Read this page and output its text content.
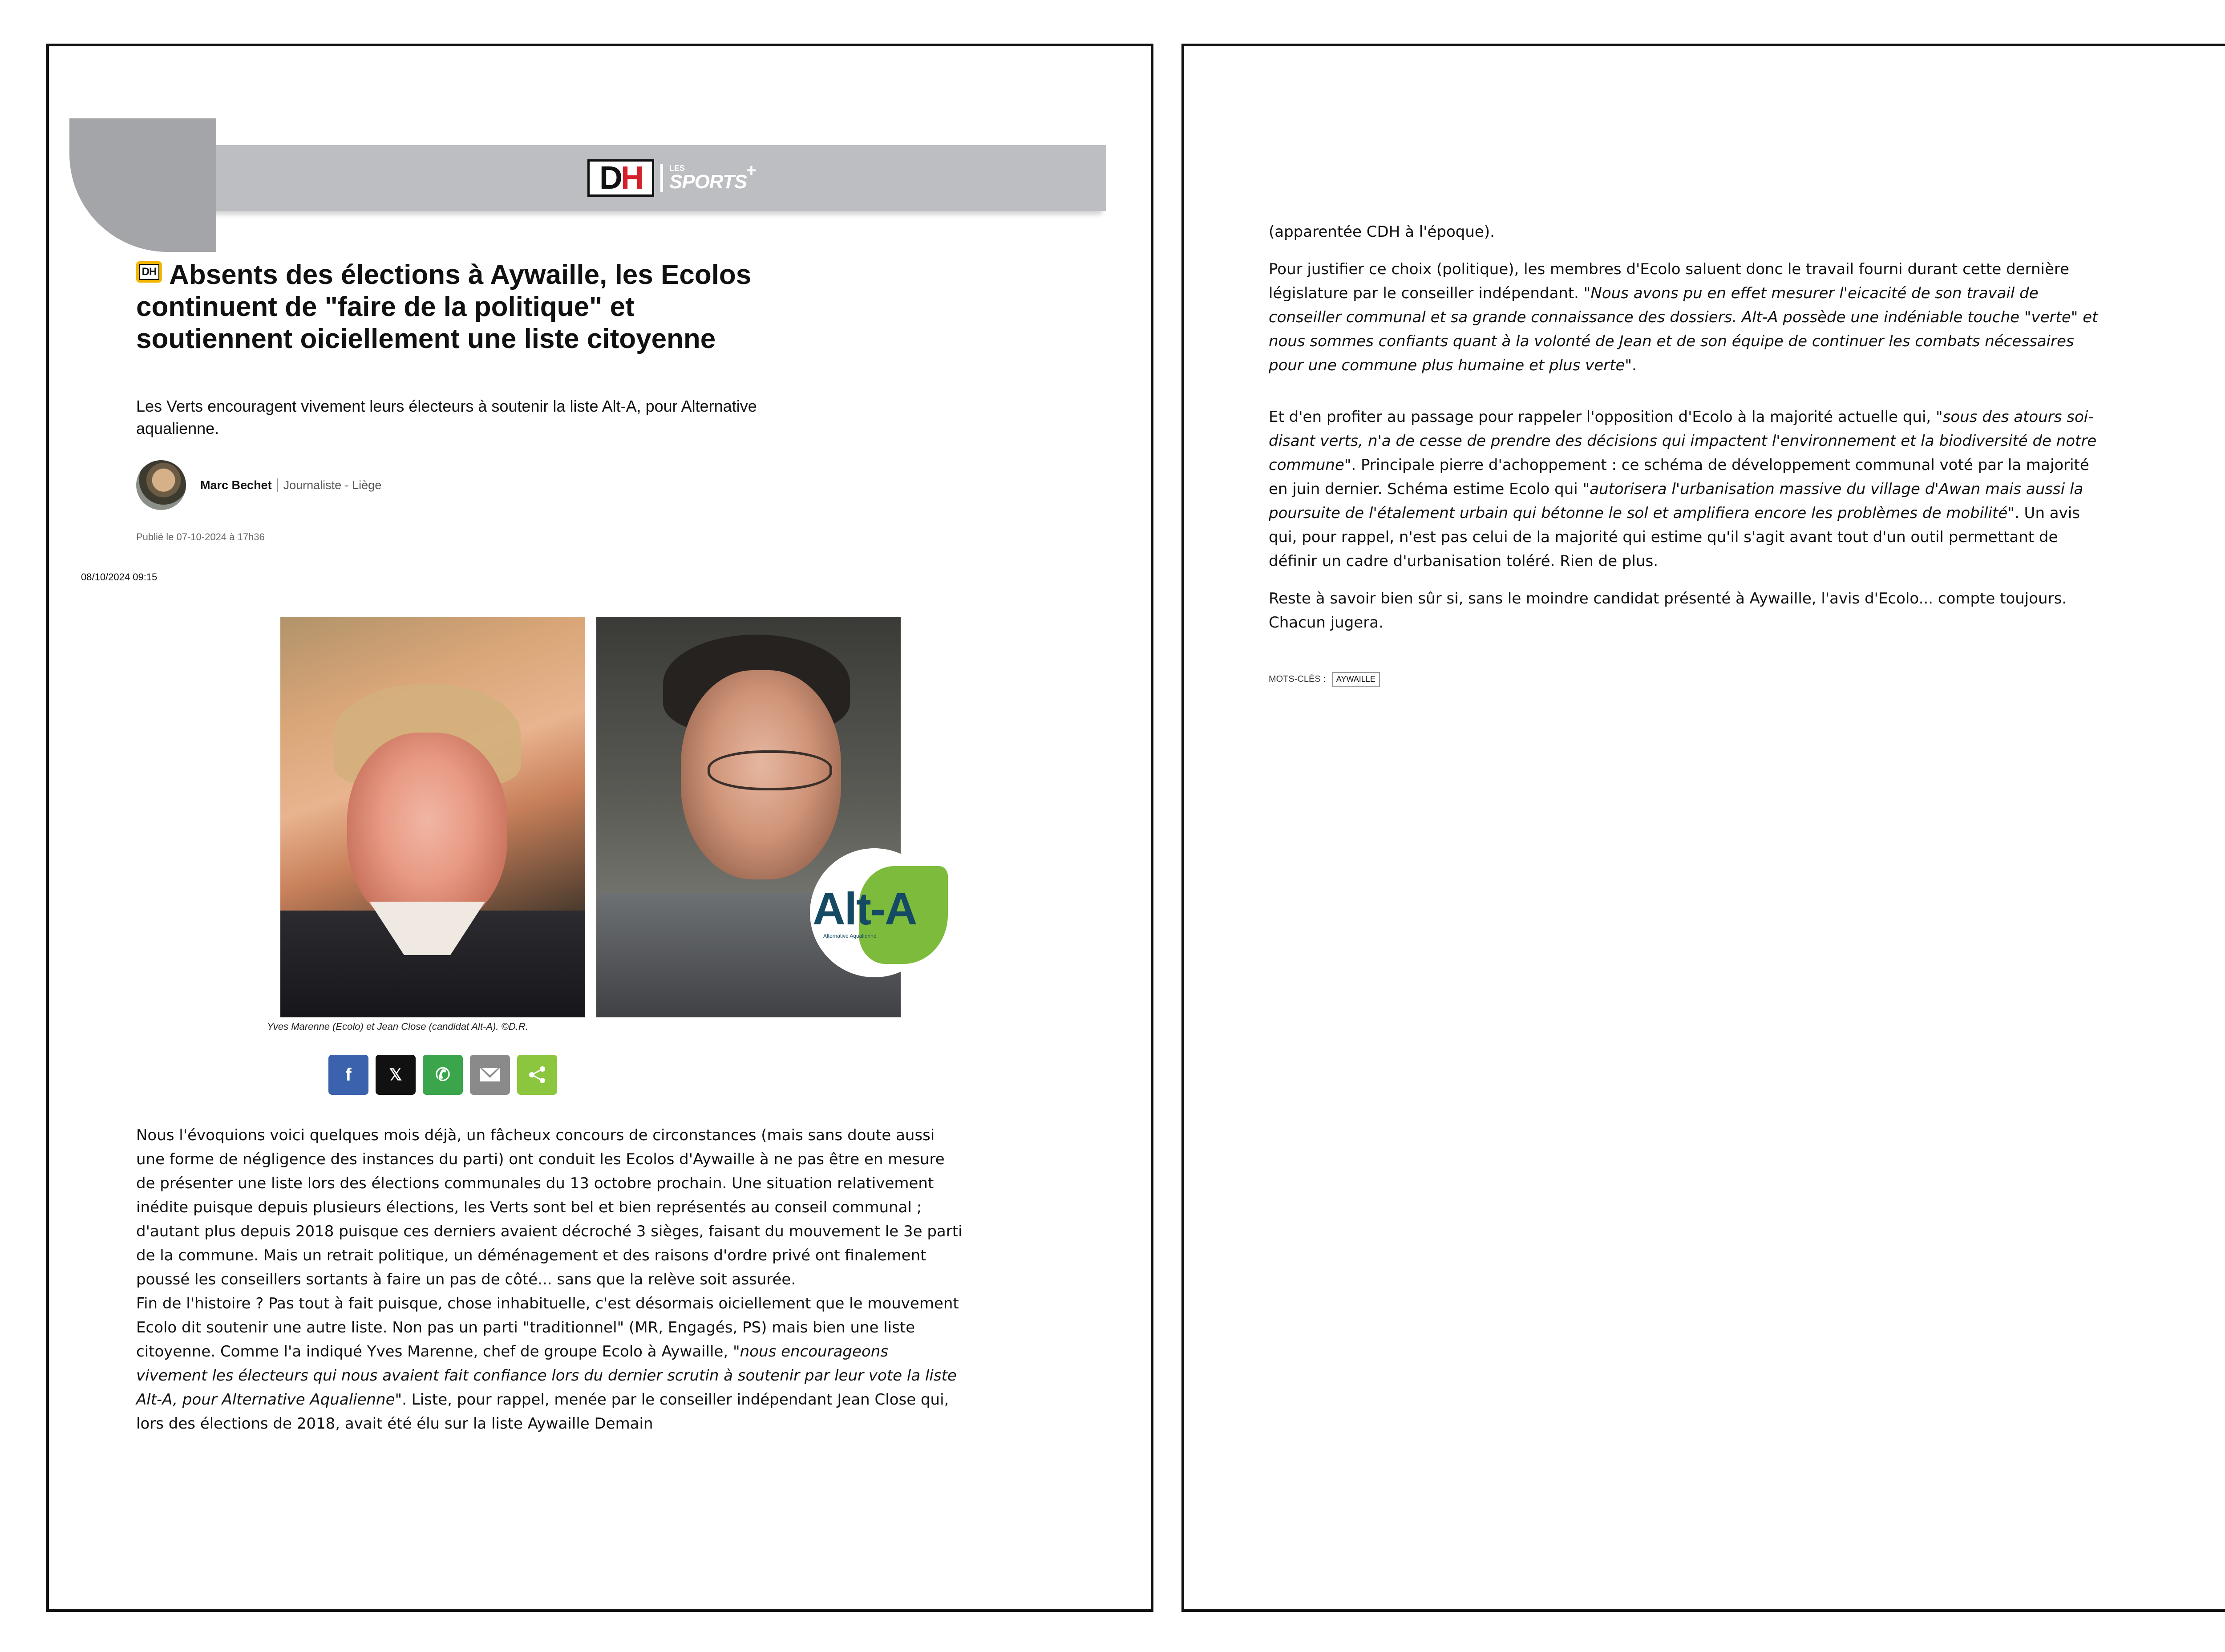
D H	LES
SPORTS
+
DH Absents des élections à Aywaille, les Ecolos continuent de "faire de la politique" et soutiennent oiciellement une liste citoyenne
Les Verts encouragent vivement leurs électeurs à soutenir la liste Alt-A, pour Alternative aqualienne.
Marc Bechet Journaliste - Liège
Publié le 07-10-2024 à 17h36
08/10/2024 09:15
Alt-A
Alternative Aqualienne
Yves Marenne (Ecolo) et Jean Close (candidat Alt-A). ©D.R.
f 𝕏 ✆

Nous l'évoquions voici quelques mois déjà, un fâcheux concours de circonstances (mais sans doute aussi une forme de négligence des instances du parti) ont conduit les Ecolos d'Aywaille à ne pas être en mesure de présenter une liste lors des élections communales du 13 octobre prochain. Une situation relativement inédite puisque depuis plusieurs élections, les Verts sont bel et bien représentés au conseil communal ; d'autant plus depuis 2018 puisque ces derniers avaient décroché 3 sièges, faisant du mouvement le 3e parti de la commune. Mais un retrait politique, un déménagement et des raisons d'ordre privé ont finalement poussé les conseillers sortants à faire un pas de côté... sans que la relève soit assurée.

Fin de l'histoire ? Pas tout à fait puisque, chose inhabituelle, c'est désormais oiciellement que le mouvement Ecolo dit soutenir une autre liste. Non pas un parti "traditionnel" (MR, Engagés, PS) mais bien une liste citoyenne. Comme l'a indiqué Yves Marenne, chef de groupe Ecolo à Aywaille, "nous encourageons vivement les électeurs qui nous avaient fait confiance lors du dernier scrutin à soutenir par leur vote la liste Alt-A, pour Alternative Aqualienne". Liste, pour rappel, menée par le conseiller indépendant Jean Close qui, lors des élections de 2018, avait été élu sur la liste Aywaille Demain

(apparentée CDH à l'époque).

Pour justifier ce choix (politique), les membres d'Ecolo saluent donc le travail fourni durant cette dernière législature par le conseiller indépendant. "Nous avons pu en effet mesurer l'eicacité de son travail de conseiller communal et sa grande connaissance des dossiers. Alt-A possède une indéniable touche "verte" et nous sommes confiants quant à la volonté de Jean et de son équipe de continuer les combats nécessaires pour une commune plus humaine et plus verte".

Et d'en profiter au passage pour rappeler l'opposition d'Ecolo à la majorité actuelle qui, "sous des atours soi-disant verts, n'a de cesse de prendre des décisions qui impactent l'environnement et la biodiversité de notre commune". Principale pierre d'achoppement : ce schéma de développement communal voté par la majorité en juin dernier. Schéma estime Ecolo qui "autorisera l'urbanisation massive du village d'Awan mais aussi la poursuite de l'étalement urbain qui bétonne le sol et amplifiera encore les problèmes de mobilité". Un avis qui, pour rappel, n'est pas celui de la majorité qui estime qu'il s'agit avant tout d'un outil permettant de définir un cadre d'urbanisation toléré. Rien de plus.

Reste à savoir bien sûr si, sans le moindre candidat présenté à Aywaille, l'avis d'Ecolo... compte toujours. Chacun jugera.

MOTS-CLÉS :	AYWAILLE
